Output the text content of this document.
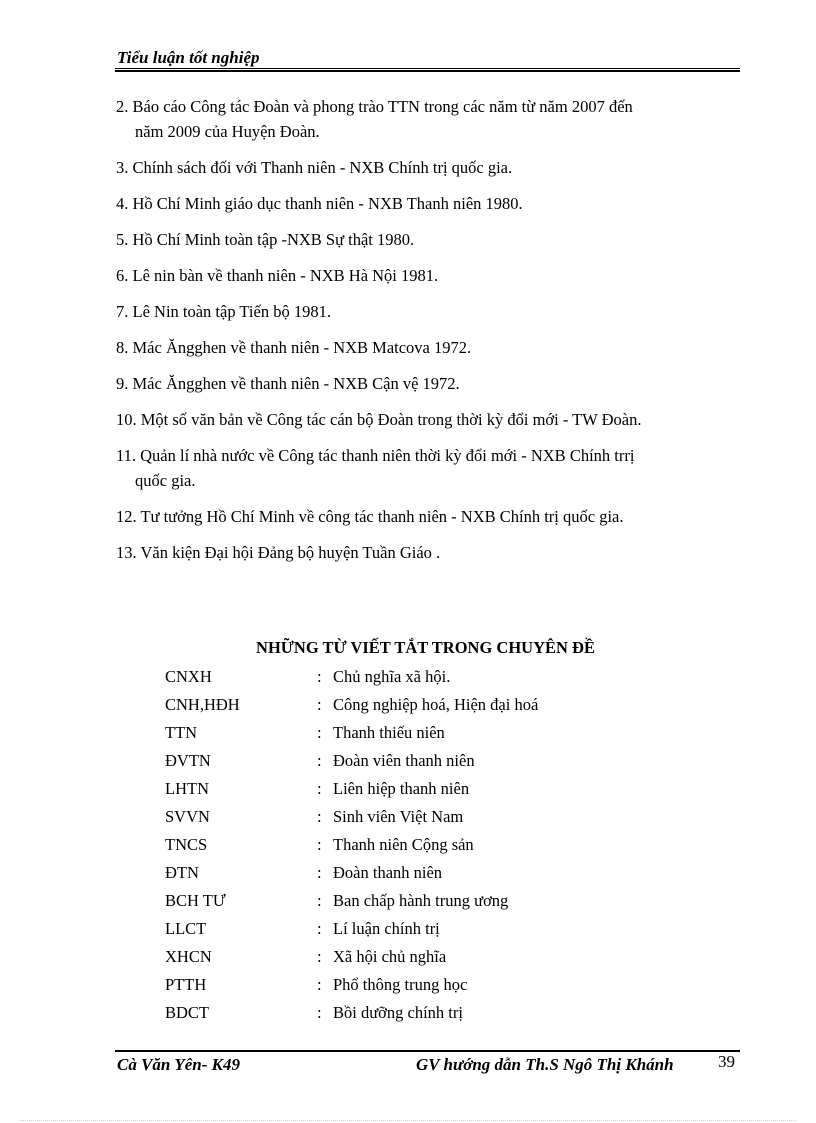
Tiểu luận tốt nghiệp
2. Báo cáo Công tác Đoàn và phong trào TTN trong các năm từ năm 2007 đến
năm 2009 của Huyện Đoàn.
3. Chính sách đối với Thanh niên - NXB Chính trị quốc gia.
4. Hồ Chí Minh giáo dục thanh niên - NXB Thanh niên 1980.
5. Hồ Chí Minh toàn tập -NXB Sự thật 1980.
6. Lê nin bàn về thanh niên - NXB Hà Nội 1981.
7. Lê Nin toàn tập Tiến bộ 1981.
8. Mác Ăngghen về thanh niên - NXB Matcova 1972.
9. Mác Ăngghen về thanh niên - NXB Cận vệ 1972.
10. Một số văn bản về Công tác cán bộ Đoàn trong thời kỳ đổi mới - TW Đoàn.
11. Quản lí nhà nước về Công tác thanh niên thời kỳ đổi mới - NXB Chính trrị
quốc gia.
12. Tư tưởng Hồ Chí Minh về công tác thanh niên - NXB Chính trị quốc gia.
13. Văn kiện Đại hội Đảng bộ huyện Tuần Giáo .
NHỮNG TỪ VIẾT TẮT TRONG CHUYÊN ĐỀ
CNXH	: Chủ nghĩa xã hội.
CNH,HĐH	: Công nghiệp hoá, Hiện đại hoá
TTN	: Thanh thiếu niên
ĐVTN	: Đoàn viên thanh niên
LHTN	: Liên hiệp thanh niên
SVVN	: Sinh viên Việt Nam
TNCS	: Thanh niên Cộng sản
ĐTN	: Đoàn thanh niên
BCH TƯ	: Ban chấp hành trung ương
LLCT	: Lí luận chính trị
XHCN	: Xã hội chủ nghĩa
PTTH	: Phổ thông trung học
BDCT	: Bồi dưỡng chính trị
Cà Văn Yên- K49	GV hướng dẫn Th.S Ngô Thị Khánh	39
